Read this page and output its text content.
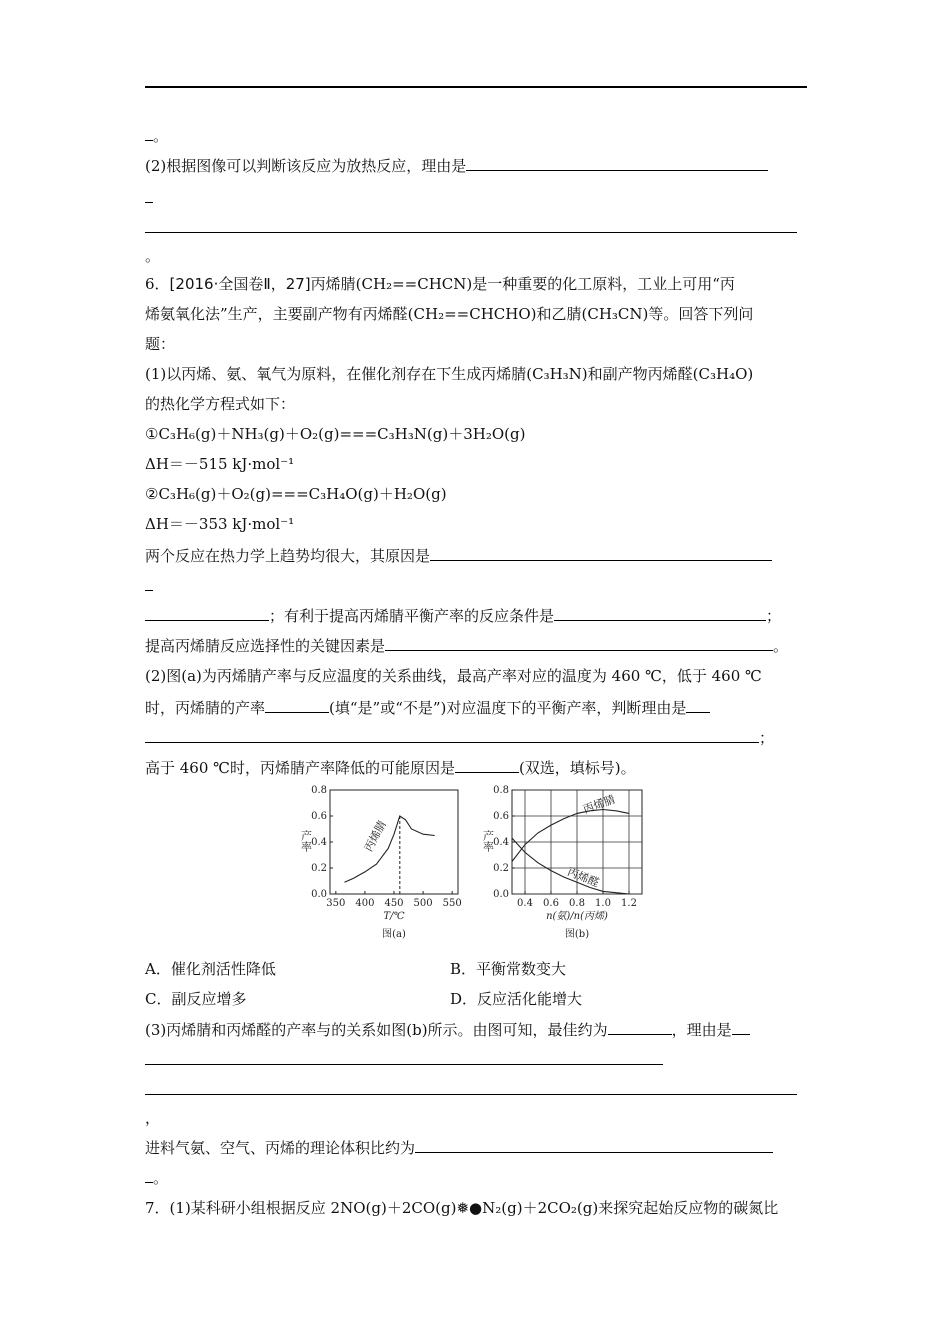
。
(2)根据图像可以判断该反应为放热反应，理由是
。
6．[2016·全国卷Ⅱ，27]丙烯腈(CH₂==CHCN)是一种重要的化工原料，工业上可用“丙
烯氨氧化法”生产，主要副产物有丙烯醛(CH₂==CHCHO)和乙腈(CH₃CN)等。回答下列问
题：
(1)以丙烯、氨、氧气为原料，在催化剂存在下生成丙烯腈(C₃H₃N)和副产物丙烯醛(C₃H₄O)
的热化学方程式如下：
①C₃H₆(g)＋NH₃(g)＋O₂(g)===C₃H₃N(g)＋3H₂O(g)
ΔH＝－515 kJ·mol⁻¹
②C₃H₆(g)＋O₂(g)===C₃H₄O(g)＋H₂O(g)
ΔH＝－353 kJ·mol⁻¹
两个反应在热力学上趋势均很大，其原因是
；有利于提高丙烯腈平衡产率的反应条件是	；
提高丙烯腈反应选择性的关键因素是	。
(2)图(a)为丙烯腈产率与反应温度的关系曲线，最高产率对应的温度为 460 ℃，低于 460 ℃
时，丙烯腈的产率	(填“是”或“不是”)对应温度下的平衡产率，判断理由是
；
高于 460 ℃时，丙烯腈产率降低的可能原因是	(双选，填标号)。
350 400 450 500 550
0.0
0.2
0.4
0.6
0.8
产率
T/℃
图(a)
丙烯腈
0.4 0.6 0.8 1.0 1.2
0.0
0.2
0.4
0.6
0.8
产率
n(氨)/n(丙烯)
图(b)
丙烯腈
丙烯醛
A．催化剂活性降低	B．平衡常数变大
C．副反应增多	D．反应活化能增大
(3)丙烯腈和丙烯醛的产率与的关系如图(b)所示。由图可知，最佳约为	，理由是
，
进料气氨、空气、丙烯的理论体积比约为
。
7．(1)某科研小组根据反应 2NO(g)＋2CO(g)❅●N₂(g)＋2CO₂(g)来探究起始反应物的碳氮比
